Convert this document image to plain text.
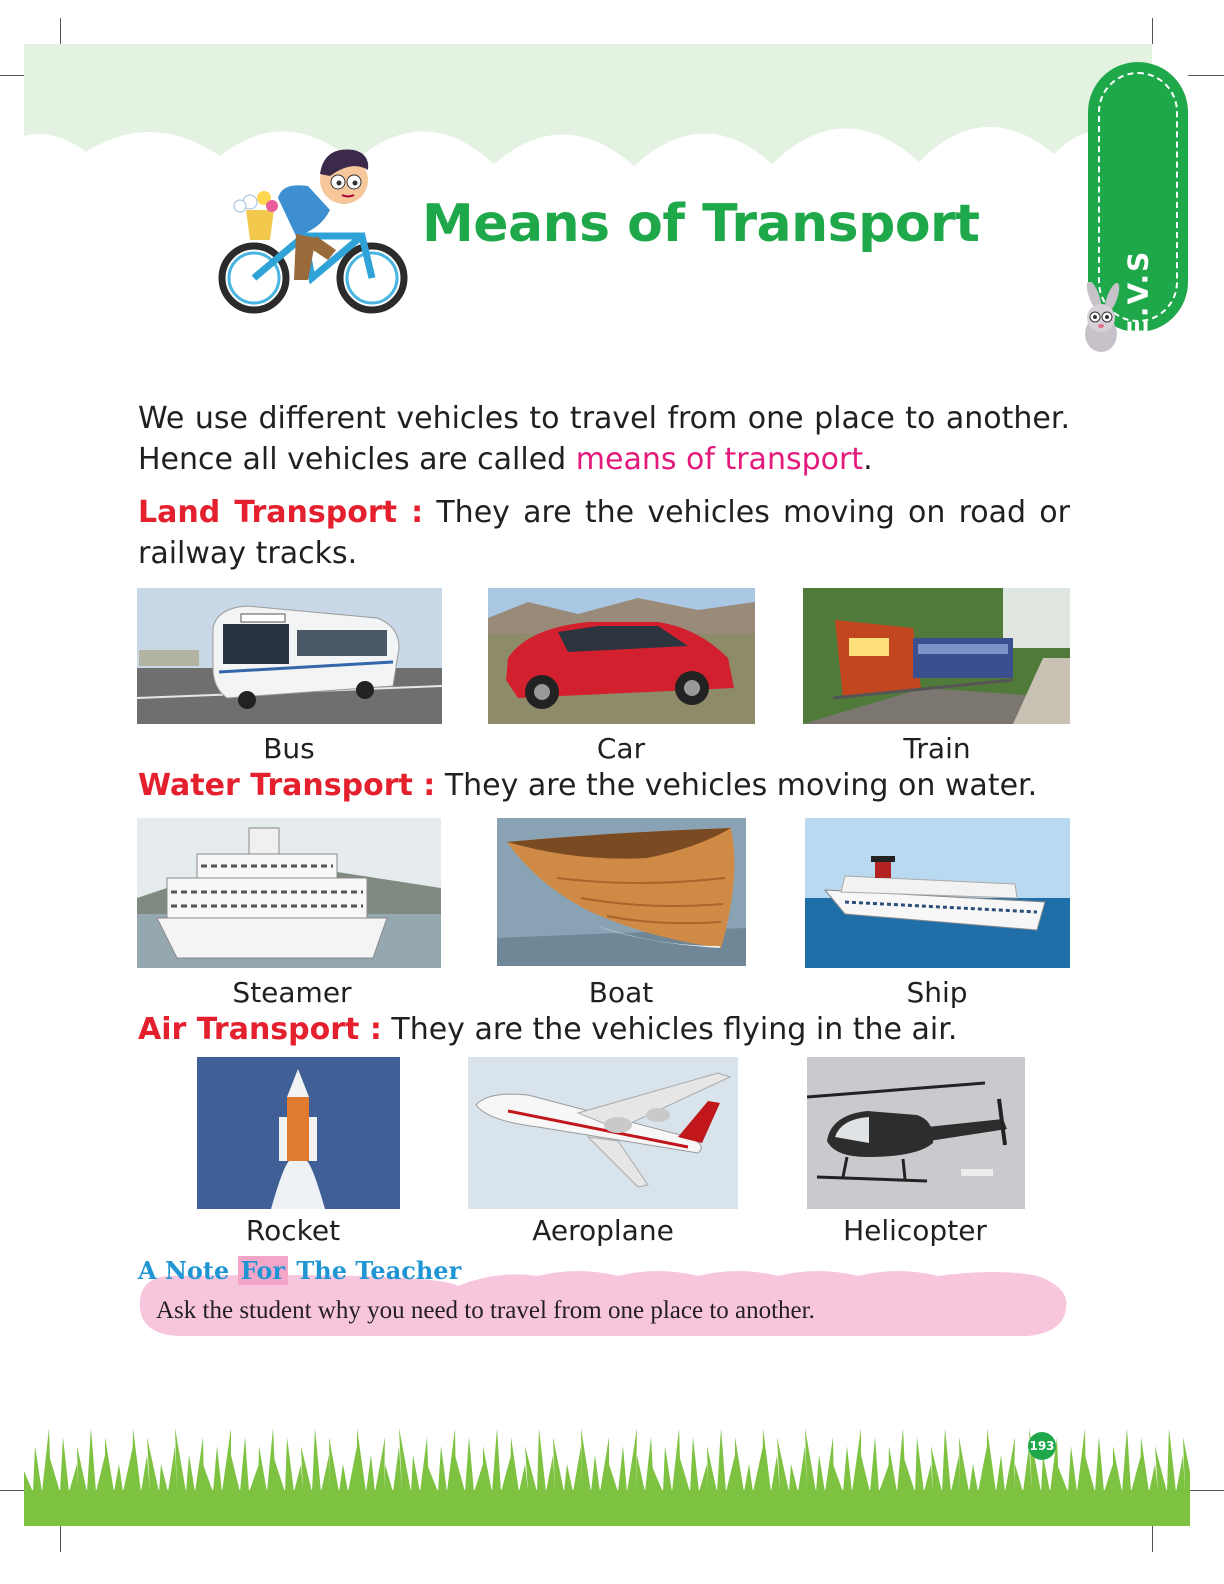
E.V.S
Means of Transport

We use different vehicles to travel from one place to another. Hence all vehicles are called means of transport.

Land Transport : They are the vehicles moving on road or railway tracks.

Bus	Car	Train
Water Transport : They are the vehicles moving on water.
Steamer	Boat	Ship
Air Transport : They are the vehicles flying in the air.
Rocket	Aeroplane	Helicopter
A Note For The Teacher
Ask the student why you need to travel from one place to another.
193
